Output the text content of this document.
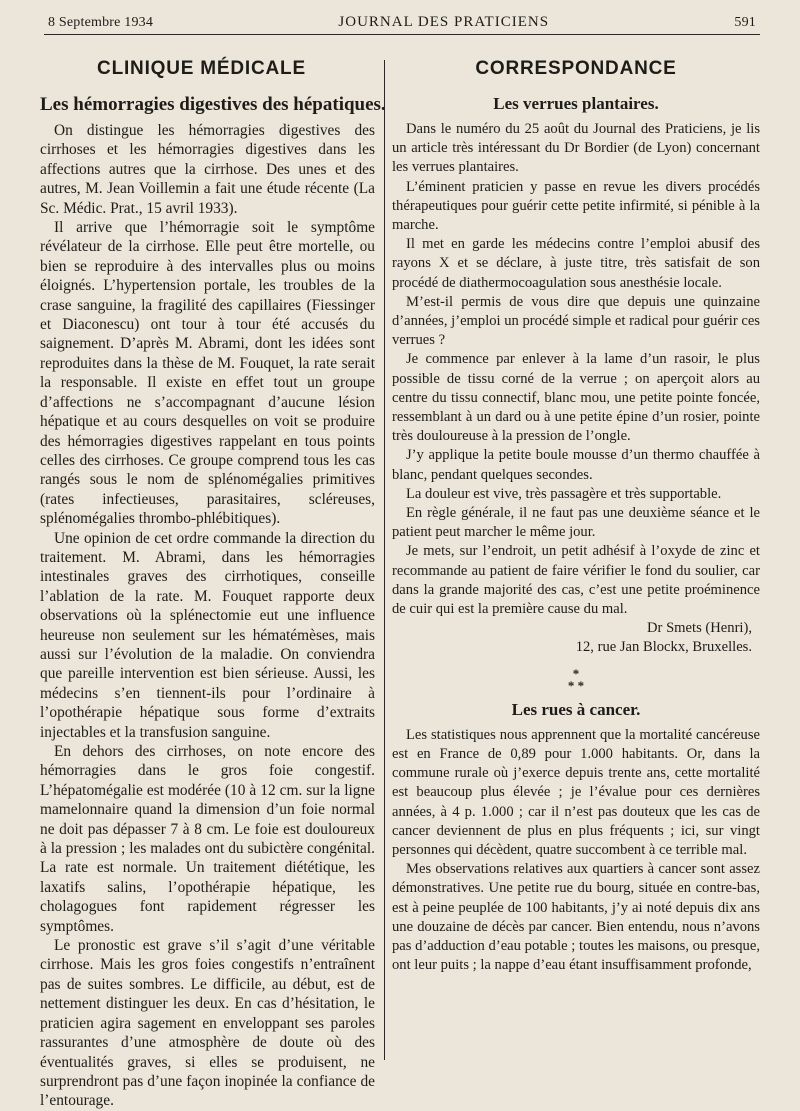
8 Septembre 1934	JOURNAL DES PRATICIENS	591
CLINIQUE MÉDICALE
Les hémorragies digestives des hépatiques.

On distingue les hémorragies digestives des cirrhoses et les hémorragies digestives dans les affections autres que la cirrhose. Des unes et des autres, M. Jean Voillemin a fait une étude récente (La Sc. Médic. Prat., 15 avril 1933).

Il arrive que l’hémorragie soit le symptôme révélateur de la cirrhose. Elle peut être mortelle, ou bien se reproduire à des intervalles plus ou moins éloignés. L’hypertension portale, les troubles de la crase sanguine, la fragilité des capillaires (Fiessinger et Diaconescu) ont tour à tour été accusés du saignement. D’après M. Abrami, dont les idées sont reproduites dans la thèse de M. Fouquet, la rate serait la responsable. Il existe en effet tout un groupe d’affections ne s’accompagnant d’aucune lésion hépatique et au cours desquelles on voit se produire des hémorragies digestives rappelant en tous points celles des cirrhoses. Ce groupe comprend tous les cas rangés sous le nom de splénomégalies primitives (rates infectieuses, parasitaires, scléreuses, splénomégalies thrombo-phlébitiques).

Une opinion de cet ordre commande la direction du traitement. M. Abrami, dans les hémorragies intestinales graves des cirrhotiques, conseille l’ablation de la rate. M. Fouquet rapporte deux observations où la splénectomie eut une influence heureuse non seulement sur les hématémèses, mais aussi sur l’évolution de la maladie. On conviendra que pareille intervention est bien sérieuse. Aussi, les médecins s’en tiennent-ils pour l’ordinaire à l’opothérapie hépatique sous forme d’extraits injectables et la transfusion sanguine.

En dehors des cirrhoses, on note encore des hémorragies dans le gros foie congestif. L’hépatomégalie est modérée (10 à 12 cm. sur la ligne mamelonnaire quand la dimension d’un foie normal ne doit pas dépasser 7 à 8 cm. Le foie est douloureux à la pression ; les malades ont du subictère congénital. La rate est normale. Un traitement diététique, les laxatifs salins, l’opothérapie hépatique, les cholagogues font rapidement régresser les symptômes.

Le pronostic est grave s’il s’agit d’une véritable cirrhose. Mais les gros foies congestifs n’entraînent pas de suites sombres. Le difficile, au début, est de nettement distinguer les deux. En cas d’hésitation, le praticien agira sagement en enveloppant ses paroles rassurantes d’une atmosphère de doute où des éventualités graves, si elles se produisent, ne surprendront pas d’une façon inopinée la confiance de l’entourage.

CORRESPONDANCE
Les verrues plantaires.

Dans le numéro du 25 août du Journal des Praticiens, je lis un article très intéressant du Dr Bordier (de Lyon) concernant les verrues plantaires.

L’éminent praticien y passe en revue les divers procédés thérapeutiques pour guérir cette petite infirmité, si pénible à la marche.

Il met en garde les médecins contre l’emploi abusif des rayons X et se déclare, à juste titre, très satisfait de son procédé de diathermocoagulation sous anesthésie locale.

M’est-il permis de vous dire que depuis une quinzaine d’années, j’emploi un procédé simple et radical pour guérir ces verrues ?

Je commence par enlever à la lame d’un rasoir, le plus possible de tissu corné de la verrue ; on aperçoit alors au centre du tissu connectif, blanc mou, une petite pointe foncée, ressemblant à un dard ou à une petite épine d’un rosier, pointe très douloureuse à la pression de l’ongle.

J’y applique la petite boule mousse d’un thermo chauffée à blanc, pendant quelques secondes.

La douleur est vive, très passagère et très supportable.

En règle générale, il ne faut pas une deuxième séance et le patient peut marcher le même jour.

Je mets, sur l’endroit, un petit adhésif à l’oxyde de zinc et recommande au patient de faire vérifier le fond du soulier, car dans la grande majorité des cas, c’est une petite proéminence de cuir qui est la première cause du mal.

Dr Smets (Henri),

12, rue Jan Blockx, Bruxelles.

*
* *
Les rues à cancer.

Les statistiques nous apprennent que la mortalité cancéreuse est en France de 0,89 pour 1.000 habitants. Or, dans la commune rurale où j’exerce depuis trente ans, cette mortalité est beaucoup plus élevée ; je l’évalue pour ces dernières années, à 4 p. 1.000 ; car il n’est pas douteux que les cas de cancer deviennent de plus en plus fréquents ; ici, sur vingt personnes qui décèdent, quatre succombent à ce terrible mal.

Mes observations relatives aux quartiers à cancer sont assez démonstratives. Une petite rue du bourg, située en contre-bas, est à peine peuplée de 100 habitants, j’y ai noté depuis dix ans une douzaine de décès par cancer. Bien entendu, nous n’avons pas d’adduction d’eau potable ; toutes les maisons, ou presque, ont leur puits ; la nappe d’eau étant insuffisamment profonde,
